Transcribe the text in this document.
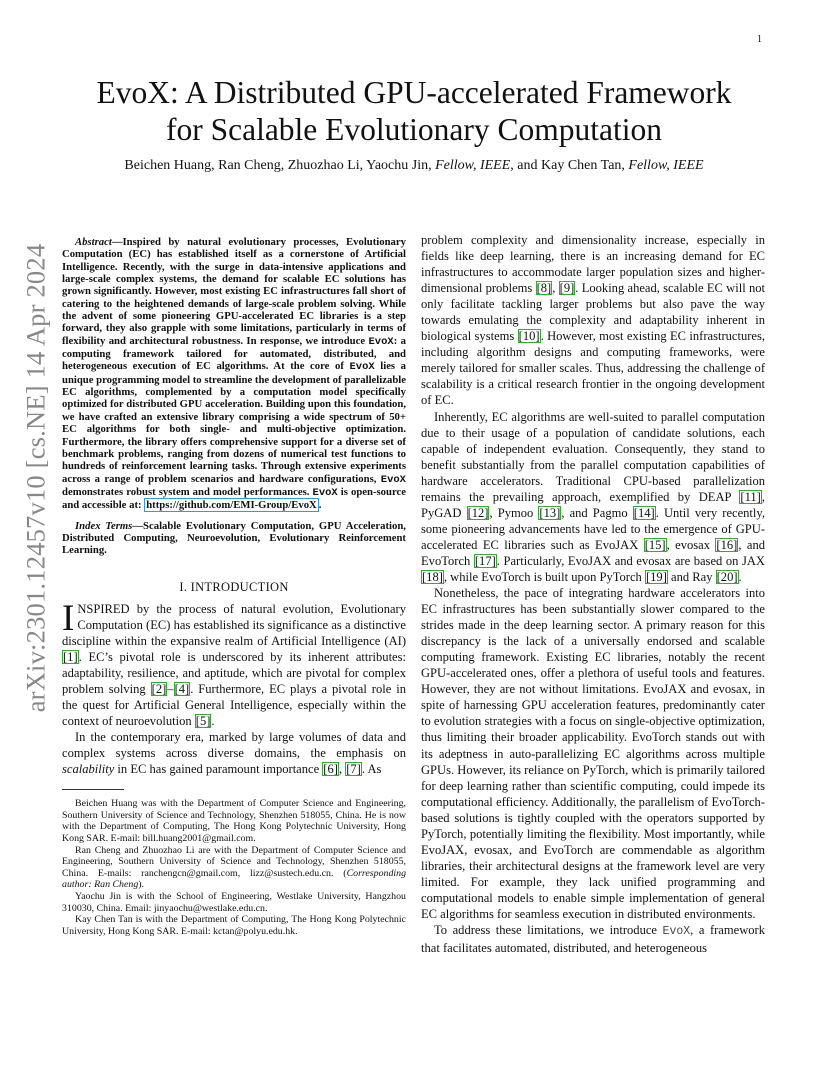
1
arXiv:2301.12457v10 [cs.NE] 14 Apr 2024
EvoX: A Distributed GPU-accelerated Framework
for Scalable Evolutionary Computation
Beichen Huang, Ran Cheng, Zhuozhao Li, Yaochu Jin, Fellow, IEEE, and Kay Chen Tan, Fellow, IEEE

Abstract—Inspired by natural evolutionary processes, Evolutionary Computation (EC) has established itself as a cornerstone of Artificial Intelligence. Recently, with the surge in data-intensive applications and large-scale complex systems, the demand for scalable EC solutions has grown significantly. However, most existing EC infrastructures fall short of catering to the heightened demands of large-scale problem solving. While the advent of some pioneering GPU-accelerated EC libraries is a step forward, they also grapple with some limitations, particularly in terms of flexibility and architectural robustness. In response, we introduce EvoX: a computing framework tailored for automated, distributed, and heterogeneous execution of EC algorithms. At the core of EvoX lies a unique programming model to streamline the development of parallelizable EC algorithms, complemented by a computation model specifically optimized for distributed GPU acceleration. Building upon this foundation, we have crafted an extensive library comprising a wide spectrum of 50+ EC algorithms for both single- and multi-objective optimization. Furthermore, the library offers comprehensive support for a diverse set of benchmark problems, ranging from dozens of numerical test functions to hundreds of reinforcement learning tasks. Through extensive experiments across a range of problem scenarios and hardware configurations, EvoX demonstrates robust system and model performances. EvoX is open-source and accessible at: https://github.com/EMI-Group/EvoX .

Index Terms—Scalable Evolutionary Computation, GPU Acceleration, Distributed Computing, Neuroevolution, Evolutionary Reinforcement Learning.

I. INTRODUCTION

INSPIRED by the process of natural evolution, Evolutionary Computation (EC) has established its significance as a distinctive discipline within the expansive realm of Artificial Intelligence (AI) [1]. EC’s pivotal role is underscored by its inherent attributes: adaptability, resilience, and aptitude, which are pivotal for complex problem solving [2]–[4]. Furthermore, EC plays a pivotal role in the quest for Artificial General Intelligence, especially within the context of neuroevolution [5].

In the contemporary era, marked by large volumes of data and complex systems across diverse domains, the emphasis on scalability in EC has gained paramount importance [6], [7]. As

Beichen Huang was with the Department of Computer Science and Engineering, Southern University of Science and Technology, Shenzhen 518055, China. He is now with the Department of Computing, The Hong Kong Polytechnic University, Hong Kong SAR. E-mail: bill.huang2001@gmail.com.

Ran Cheng and Zhuozhao Li are with the Department of Computer Science and Engineering, Southern University of Science and Technology, Shenzhen 518055, China. E-mails: ranchengcn@gmail.com, lizz@sustech.edu.cn. (Corresponding author: Ran Cheng).

Yaochu Jin is with the School of Engineering, Westlake University, Hangzhou 310030, China. Email: jinyaochu@westlake.edu.cn.

Kay Chen Tan is with the Department of Computing, The Hong Kong Polytechnic University, Hong Kong SAR. E-mail: kctan@polyu.edu.hk.

problem complexity and dimensionality increase, especially in fields like deep learning, there is an increasing demand for EC infrastructures to accommodate larger population sizes and higher-dimensional problems [8], [9]. Looking ahead, scalable EC will not only facilitate tackling larger problems but also pave the way towards emulating the complexity and adaptability inherent in biological systems [10]. However, most existing EC infrastructures, including algorithm designs and computing frameworks, were merely tailored for smaller scales. Thus, addressing the challenge of scalability is a critical research frontier in the ongoing development of EC.

Inherently, EC algorithms are well-suited to parallel computation due to their usage of a population of candidate solutions, each capable of independent evaluation. Consequently, they stand to benefit substantially from the parallel computation capabilities of hardware accelerators. Traditional CPU-based parallelization remains the prevailing approach, exemplified by DEAP [11], PyGAD [12], Pymoo [13], and Pagmo [14]. Until very recently, some pioneering advancements have led to the emergence of GPU-accelerated EC libraries such as EvoJAX [15], evosax [16], and EvoTorch [17]. Particularly, EvoJAX and evosax are based on JAX [18], while EvoTorch is built upon PyTorch [19] and Ray [20].

Nonetheless, the pace of integrating hardware accelerators into EC infrastructures has been substantially slower compared to the strides made in the deep learning sector. A primary reason for this discrepancy is the lack of a universally endorsed and scalable computing framework. Existing EC libraries, notably the recent GPU-accelerated ones, offer a plethora of useful tools and features. However, they are not without limitations. EvoJAX and evosax, in spite of harnessing GPU acceleration features, predominantly cater to evolution strategies with a focus on single-objective optimization, thus limiting their broader applicability. EvoTorch stands out with its adeptness in auto-parallelizing EC algorithms across multiple GPUs. However, its reliance on PyTorch, which is primarily tailored for deep learning rather than scientific computing, could impede its computational efficiency. Additionally, the parallelism of EvoTorch-based solutions is tightly coupled with the operators supported by PyTorch, potentially limiting the flexibility. Most importantly, while EvoJAX, evosax, and EvoTorch are commendable as algorithm libraries, their architectural designs at the framework level are very limited. For example, they lack unified programming and computational models to enable simple implementation of general EC algorithms for seamless execution in distributed environments.

To address these limitations, we introduce EvoX, a framework that facilitates automated, distributed, and heterogeneous
